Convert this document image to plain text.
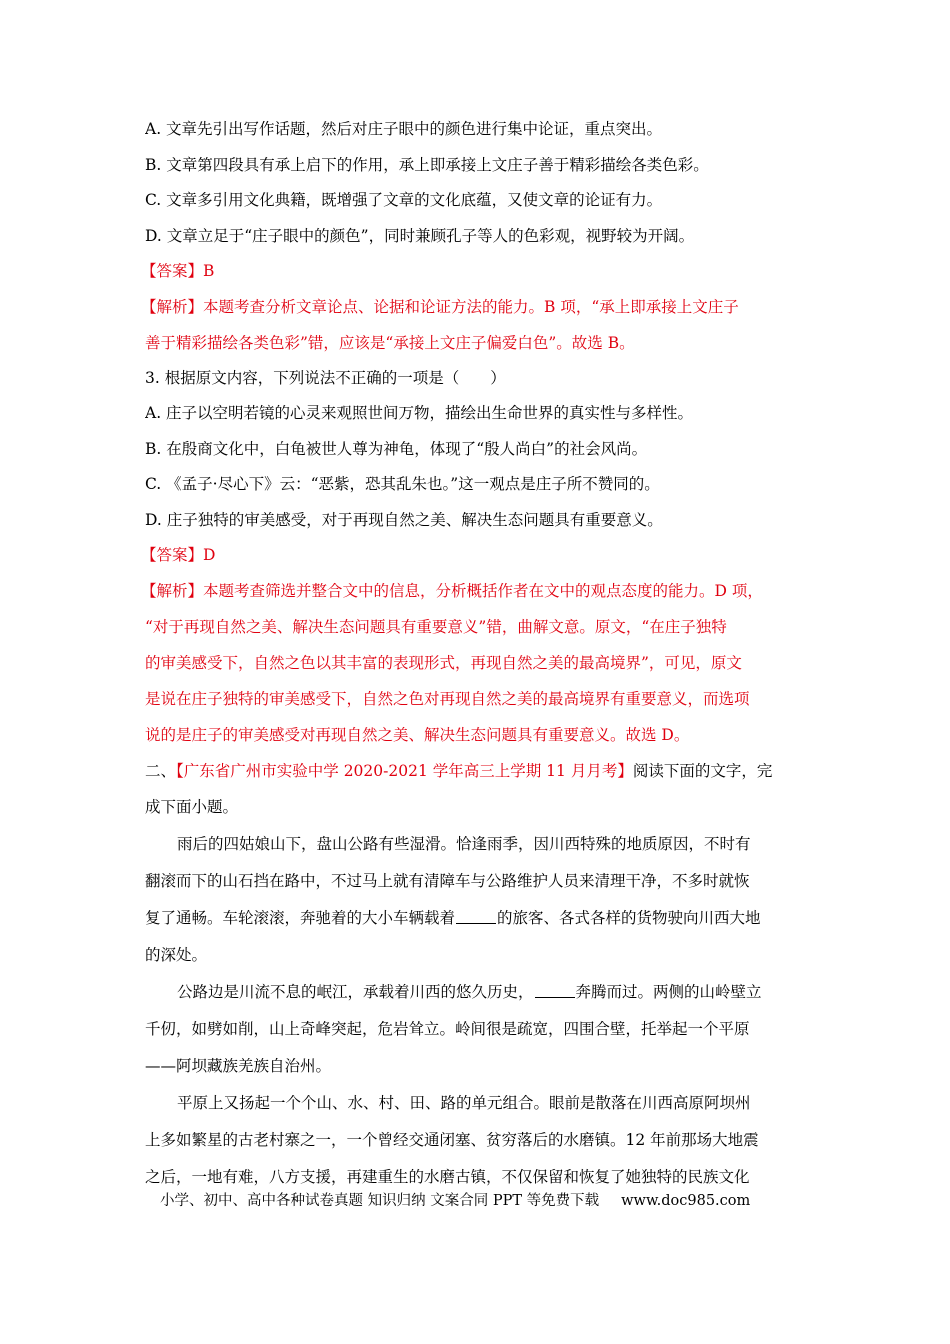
A. 文章先引出写作话题，然后对庄子眼中的颜色进行集中论证，重点突出。
B. 文章第四段具有承上启下的作用，承上即承接上文庄子善于精彩描绘各类色彩。
C. 文章多引用文化典籍，既增强了文章的文化底蕴，又使文章的论证有力。
D. 文章立足于“庄子眼中的颜色”，同时兼顾孔子等人的色彩观，视野较为开阔。
【答案】B
【解析】本题考查分析文章论点、论据和论证方法的能力。B 项，“承上即承接上文庄子
善于精彩描绘各类色彩”错，应该是“承接上文庄子偏爱白色”。故选 B。
3. 根据原文内容，下列说法不正确的一项是（　　）
A. 庄子以空明若镜的心灵来观照世间万物，描绘出生命世界的真实性与多样性。
B. 在殷商文化中，白龟被世人尊为神龟，体现了“殷人尚白”的社会风尚。
C. 《孟子·尽心下》云：“恶紫，恐其乱朱也。”这一观点是庄子所不赞同的。
D. 庄子独特的审美感受，对于再现自然之美、解决生态问题具有重要意义。
【答案】D
【解析】本题考查筛选并整合文中的信息，分析概括作者在文中的观点态度的能力。D 项，
“对于再现自然之美、解决生态问题具有重要意义”错，曲解文意。原文，“在庄子独特
的审美感受下，自然之色以其丰富的表现形式，再现自然之美的最高境界”，可见，原文
是说在庄子独特的审美感受下，自然之色对再现自然之美的最高境界有重要意义，而选项
说的是庄子的审美感受对再现自然之美、解决生态问题具有重要意义。故选 D。
二、【广东省广州市实验中学 2020-2021 学年高三上学期 11 月月考】阅读下面的文字，完
成下面小题。
雨后的四姑娘山下，盘山公路有些湿滑。恰逢雨季，因川西特殊的地质原因，不时有
翻滚而下的山石挡在路中，不过马上就有清障车与公路维护人员来清理干净，不多时就恢
复了通畅。车轮滚滚，奔驰着的大小车辆载着	的旅客、各式各样的货物驶向川西大地
的深处。
公路边是川流不息的岷江，承载着川西的悠久历史，	奔腾而过。两侧的山岭壁立
千仞，如劈如削，山上奇峰突起，危岩耸立。岭间很是疏宽，四围合壁，托举起一个平原
——阿坝藏族羌族自治州。
平原上又扬起一个个山、水、村、田、路的单元组合。眼前是散落在川西高原阿坝州
上多如繁星的古老村寨之一，一个曾经交通闭塞、贫穷落后的水磨镇。12 年前那场大地震
之后，一地有难，八方支援，再建重生的水磨古镇，不仅保留和恢复了她独特的民族文化
小学、初中、高中各种试卷真题 知识归纳 文案合同 PPT 等免费下载 www.doc985.com
